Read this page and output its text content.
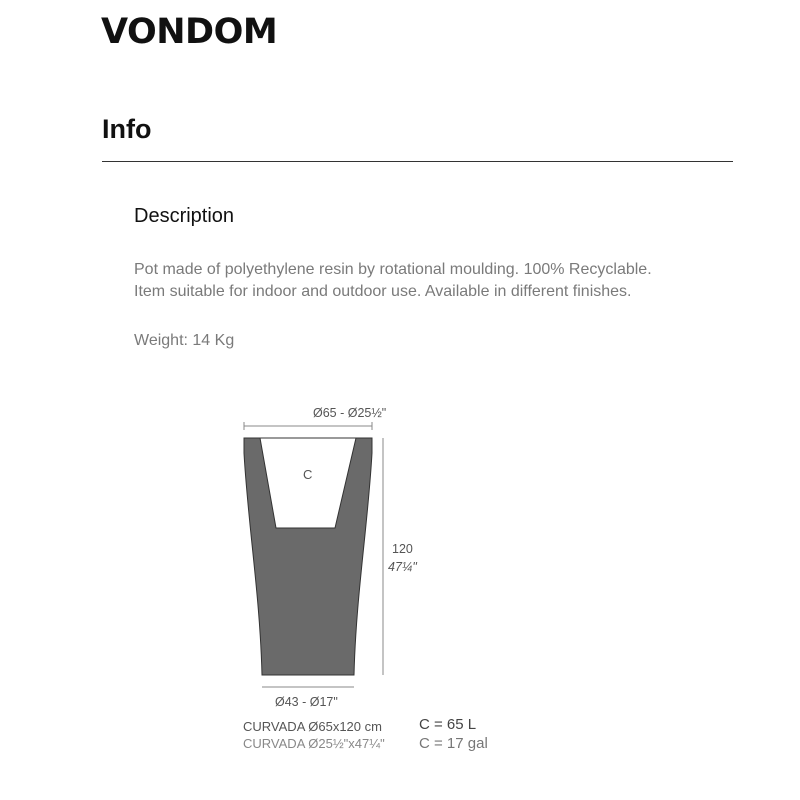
VONDOM
Info
Description
Pot made of polyethylene resin by rotational moulding. 100% Recyclable.
Item suitable for indoor and outdoor use. Available in different finishes.
Weight: 14 Kg
Ø65 - Ø25½"
C
120
47¼"
Ø43 - Ø17"
CURVADA Ø65x120 cm
CURVADA Ø25½"x47¼"
C = 65 L
C = 17 gal
